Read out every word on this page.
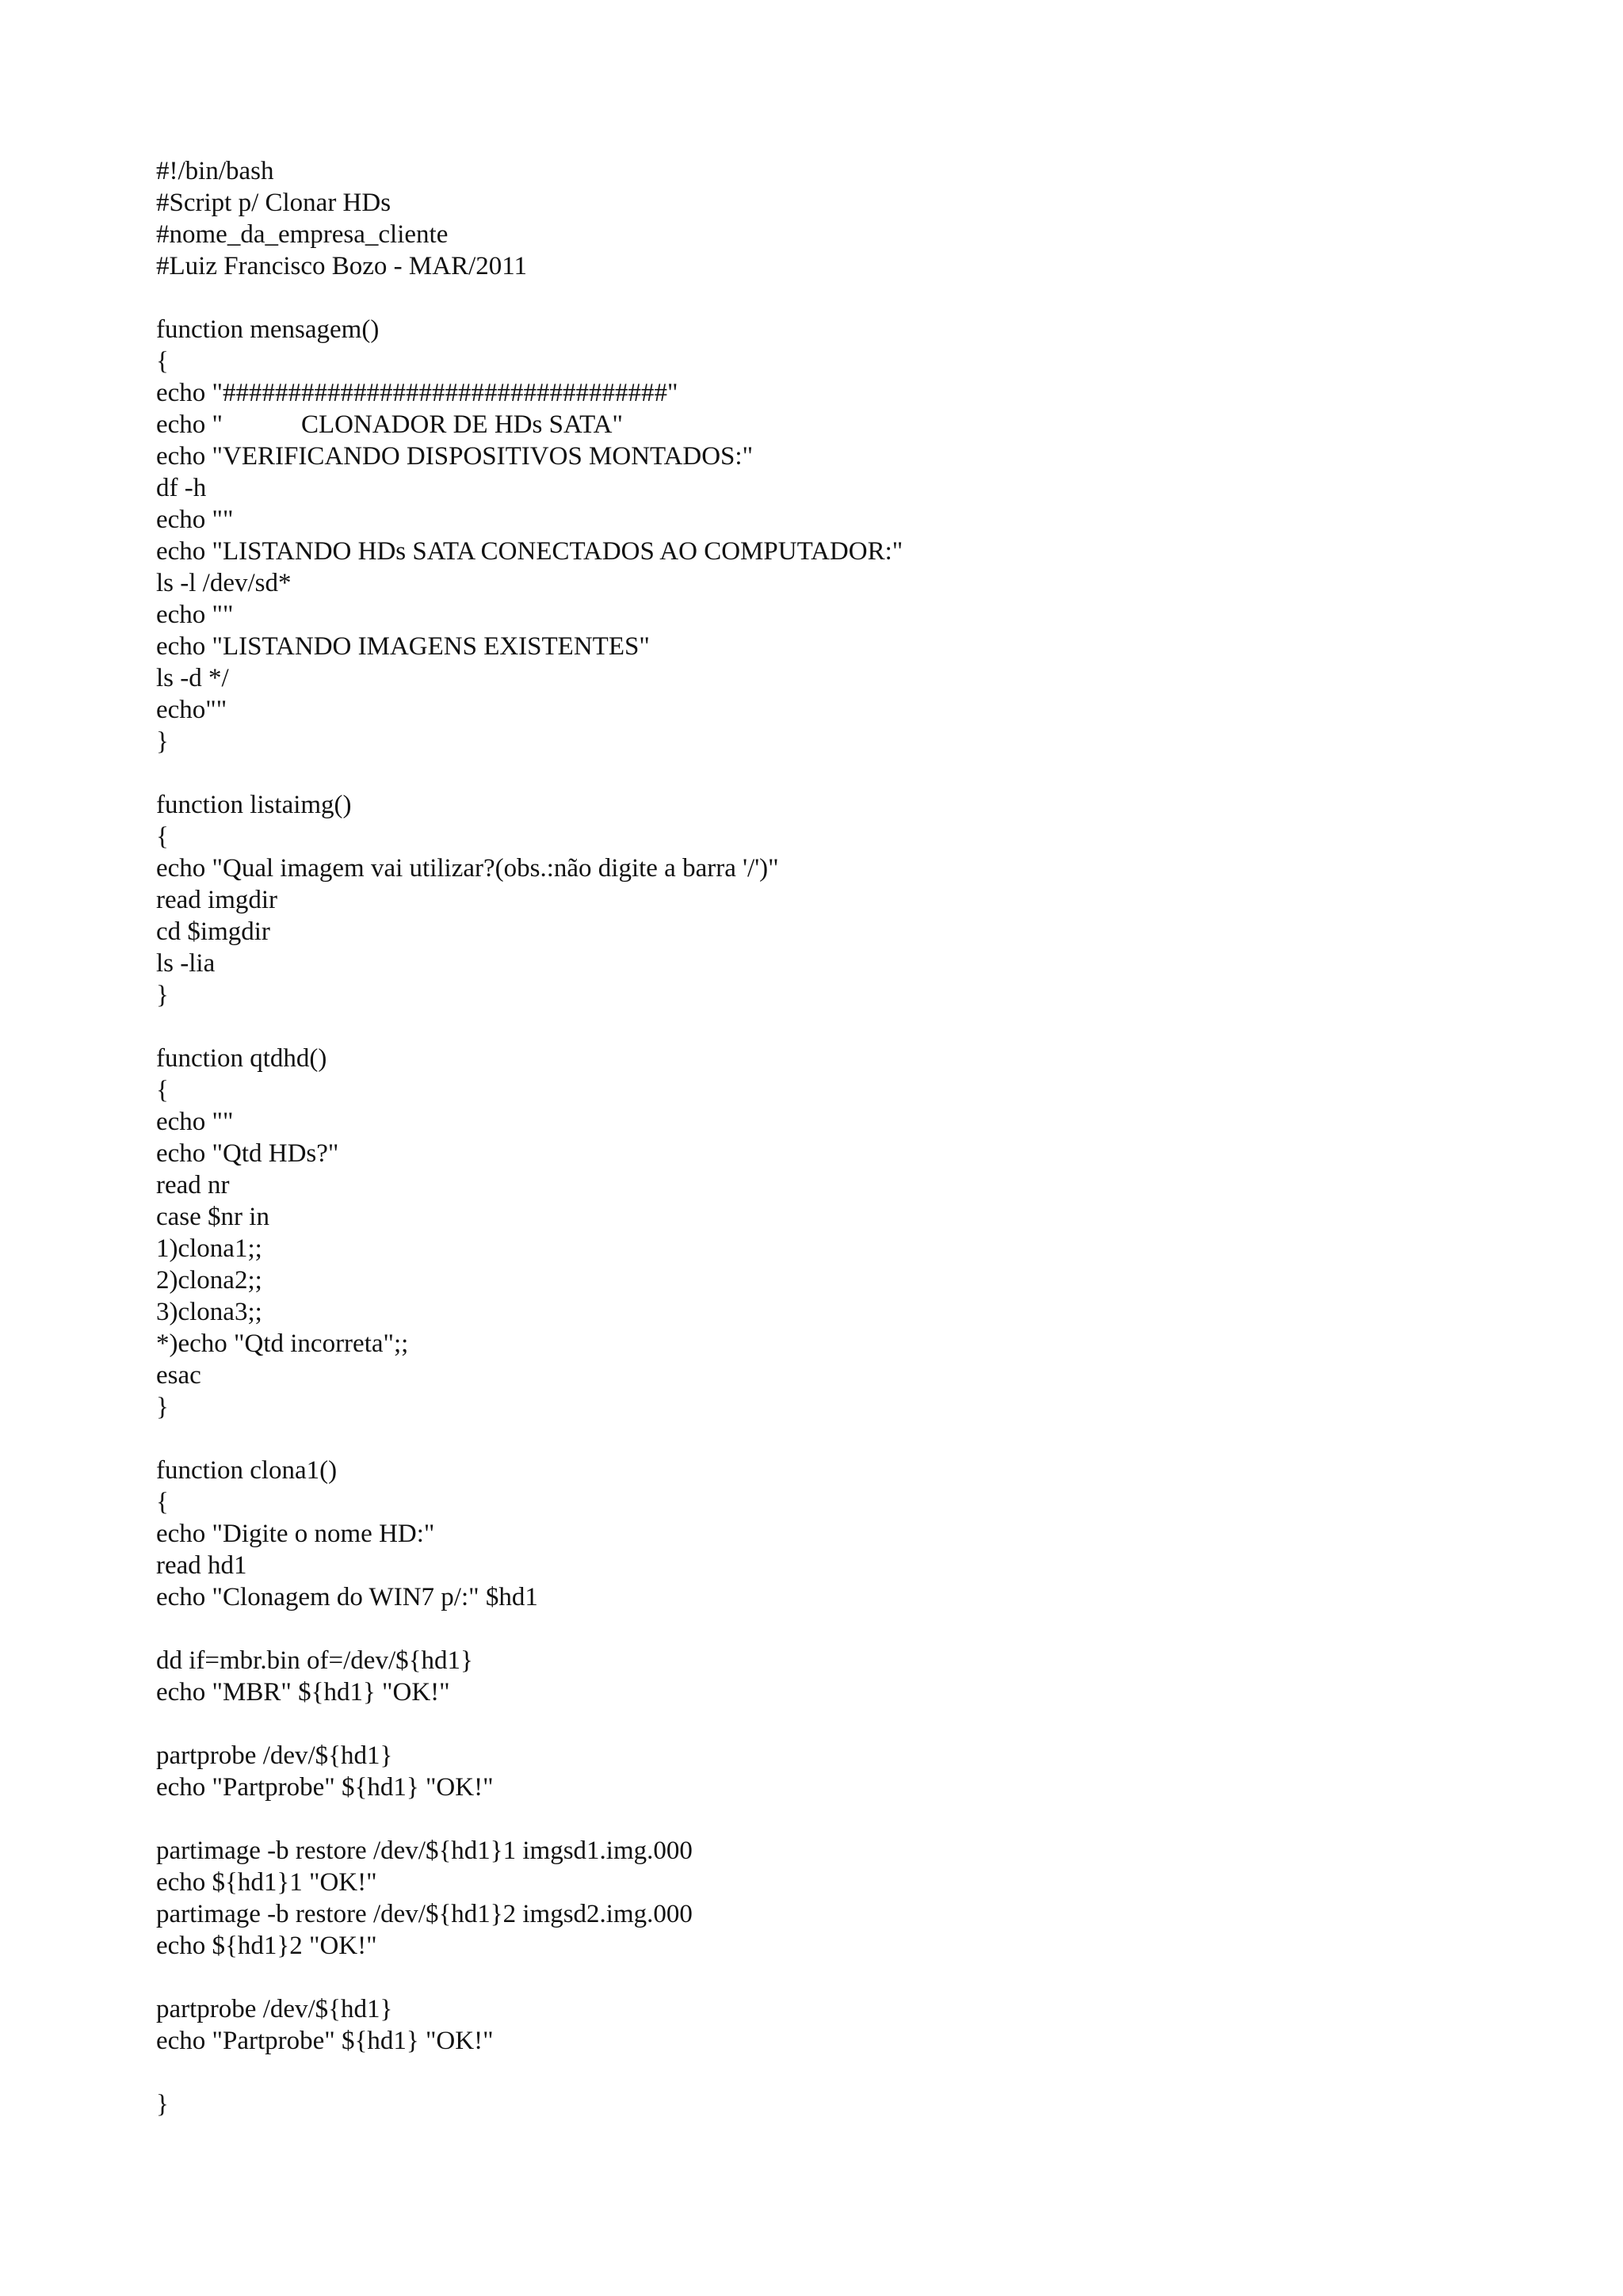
#!/bin/bash
#Script p/ Clonar HDs
#nome_da_empresa_cliente
#Luiz Francisco Bozo - MAR/2011
function mensagem()
{
echo "##################################"
echo "            CLONADOR DE HDs SATA"
echo "VERIFICANDO DISPOSITIVOS MONTADOS:"
df -h
echo ""
echo "LISTANDO HDs SATA CONECTADOS AO COMPUTADOR:"
ls -l /dev/sd*
echo ""
echo "LISTANDO IMAGENS EXISTENTES"
ls -d */
echo""
}
function listaimg()
{
echo "Qual imagem vai utilizar?(obs.:não digite a barra '/')"
read imgdir
cd $imgdir
ls -lia
}
function qtdhd()
{
echo ""
echo "Qtd HDs?"
read nr
case $nr in
1)clona1;;
2)clona2;;
3)clona3;;
*)echo "Qtd incorreta";;
esac
}
function clona1()
{
echo "Digite o nome HD:"
read hd1
echo "Clonagem do WIN7 p/:" $hd1
dd if=mbr.bin of=/dev/${hd1}
echo "MBR" ${hd1} "OK!"
partprobe /dev/${hd1}
echo "Partprobe" ${hd1} "OK!"
partimage -b restore /dev/${hd1}1 imgsd1.img.000
echo ${hd1}1 "OK!"
partimage -b restore /dev/${hd1}2 imgsd2.img.000
echo ${hd1}2 "OK!"
partprobe /dev/${hd1}
echo "Partprobe" ${hd1} "OK!"
}
